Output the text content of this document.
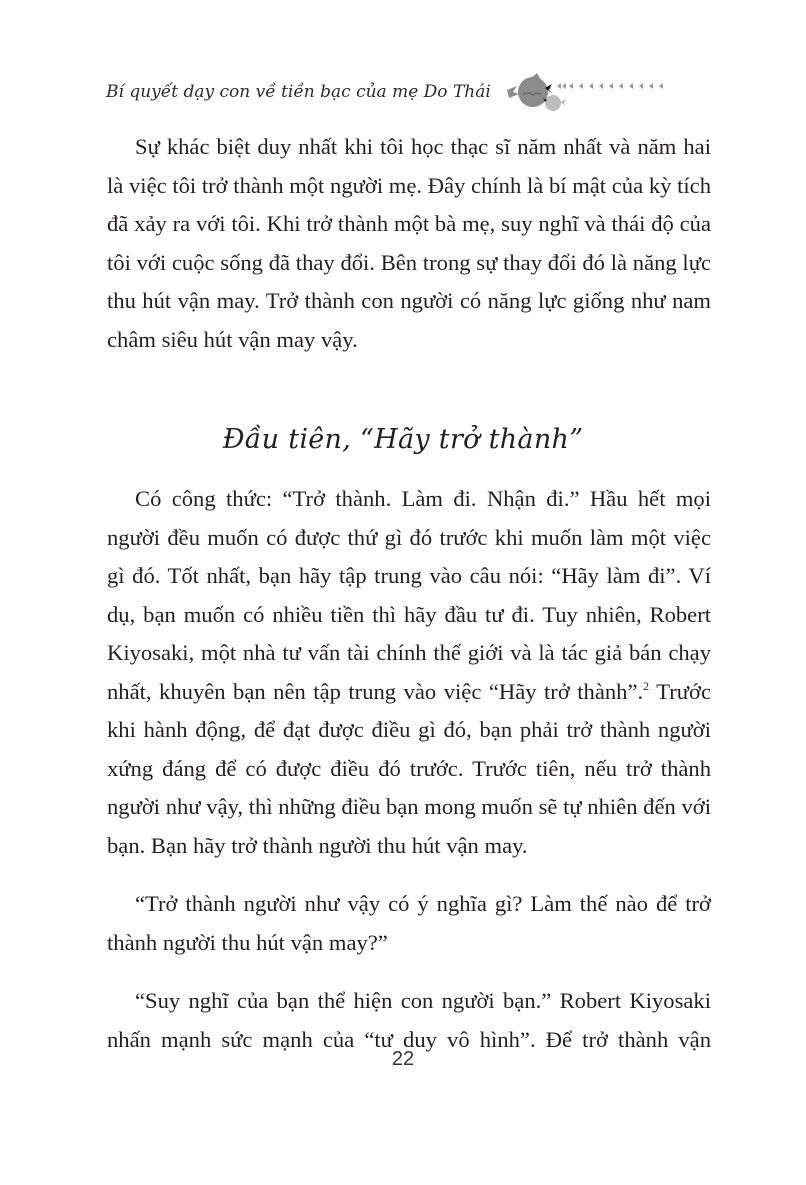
Bí quyết dạy con về tiền bạc của mẹ Do Thái

Sự khác biệt duy nhất khi tôi học thạc sĩ năm nhất và năm hai là việc tôi trở thành một người mẹ. Đây chính là bí mật của kỳ tích đã xảy ra với tôi. Khi trở thành một bà mẹ, suy nghĩ và thái độ của tôi với cuộc sống đã thay đổi. Bên trong sự thay đổi đó là năng lực thu hút vận may. Trở thành con người có năng lực giống như nam châm siêu hút vận may vậy.

Đầu tiên, “Hãy trở thành”

Có công thức: “Trở thành. Làm đi. Nhận đi.” Hầu hết mọi người đều muốn có được thứ gì đó trước khi muốn làm một việc gì đó. Tốt nhất, bạn hãy tập trung vào câu nói: “Hãy làm đi”. Ví dụ, bạn muốn có nhiều tiền thì hãy đầu tư đi. Tuy nhiên, Robert Kiyosaki, một nhà tư vấn tài chính thế giới và là tác giả bán chạy nhất, khuyên bạn nên tập trung vào việc “Hãy trở thành”.$^2$ Trước khi hành động, để đạt được điều gì đó, bạn phải trở thành người xứng đáng để có được điều đó trước. Trước tiên, nếu trở thành người như vậy, thì những điều bạn mong muốn sẽ tự nhiên đến với bạn. Bạn hãy trở thành người thu hút vận may.

“Trở thành người như vậy có ý nghĩa gì? Làm thế nào để trở thành người thu hút vận may?”

“Suy nghĩ của bạn thể hiện con người bạn.” Robert Kiyosaki nhấn mạnh sức mạnh của “tư duy vô hình”. Để trở thành vận

22
